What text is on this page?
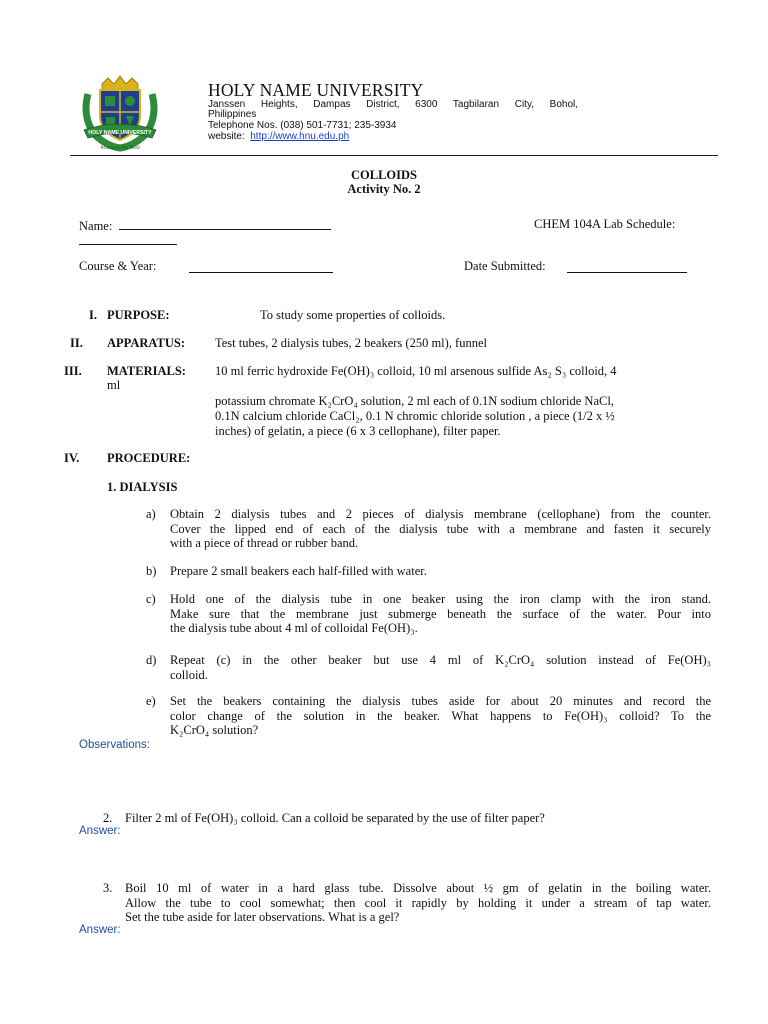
HOLY NAME UNIVERSITY
Witness to the Word
HOLY NAME UNIVERSITY
Janssen Heights, Dampas District, 6300 Tagbilaran City, Bohol,
Philippines
Telephone Nos. (038) 501-7731; 235-3934
website: http://www.hnu.edu.ph
COLLOIDS
Activity No. 2
Name:	CHEM 104A Lab Schedule:
Course & Year:	Date Submitted:
I. PURPOSE:	To study some properties of colloids.
II. APPARATUS: Test tubes, 2 dialysis tubes, 2 beakers (250 ml), funnel
III. MATERIALS: 10 ml ferric hydroxide Fe(OH)₃ colloid, 10 ml arsenous sulfide As₂ S₃ colloid, 4
ml
potassium chromate K₂CrO₄ solution, 2 ml each of 0.1N sodium chloride NaCl,
0.1N calcium chloride CaCl₂, 0.1 N chromic chloride solution , a piece (1/2 x ½
inches) of gelatin, a piece (6 x 3 cellophane), filter paper.
IV. PROCEDURE:
1. DIALYSIS
a) Obtain 2 dialysis tubes and 2 pieces of dialysis membrane (cellophane) from the counter.
Cover the lipped end of each of the dialysis tube with a membrane and fasten it securely
with a piece of thread or rubber band.
b) Prepare 2 small beakers each half-filled with water.
c) Hold one of the dialysis tube in one beaker using the iron clamp with the iron stand.
Make sure that the membrane just submerge beneath the surface of the water. Pour into
the dialysis tube about 4 ml of colloidal Fe(OH)₃.
d) Repeat (c) in the other beaker but use 4 ml of K₂CrO₄ solution instead of Fe(OH)₃
colloid.
e) Set the beakers containing the dialysis tubes aside for about 20 minutes and record the
color change of the solution in the beaker. What happens to Fe(OH)₃ colloid? To the
K₂CrO₄ solution?
Observations:
2. Filter 2 ml of Fe(OH)₃ colloid. Can a colloid be separated by the use of filter paper?
Answer:
3. Boil 10 ml of water in a hard glass tube. Dissolve about ½ gm of gelatin in the boiling water.
Allow the tube to cool somewhat; then cool it rapidly by holding it under a stream of tap water.
Set the tube aside for later observations. What is a gel?
Answer:
